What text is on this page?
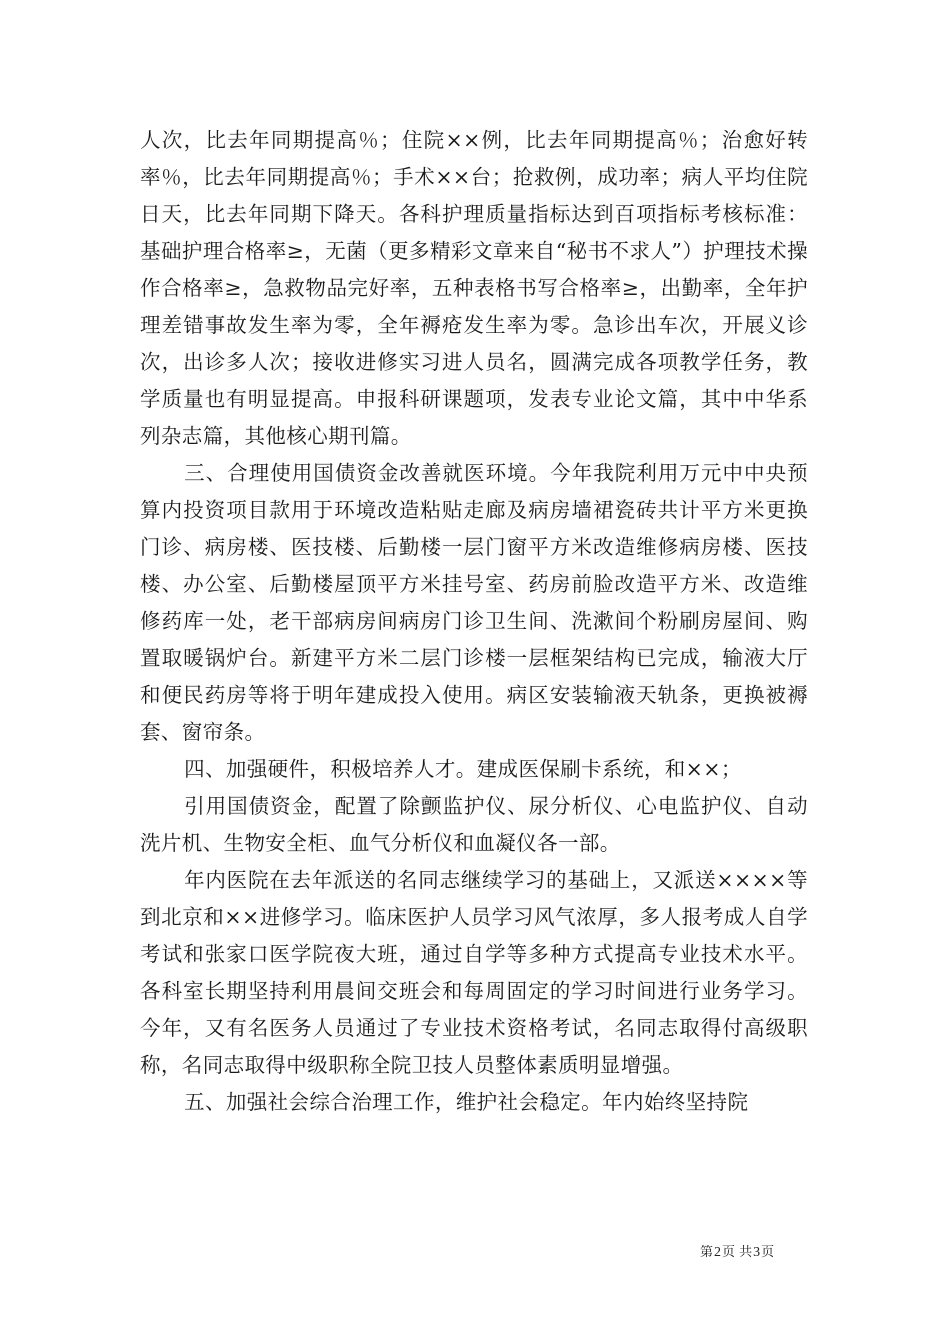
人次，比去年同期提高％；住院××例，比去年同期提高％；治愈好转率％，比去年同期提高％；手术××台；抢救例，成功率；病人平均住院日天，比去年同期下降天。各科护理质量指标达到百项指标考核标准：基础护理合格率≥，无菌（更多精彩文章来自“秘书不求人”）护理技术操作合格率≥，急救物品完好率，五种表格书写合格率≥，出勤率，全年护理差错事故发生率为零，全年褥疮发生率为零。急诊出车次，开展义诊次，出诊多人次；接收进修实习进人员名，圆满完成各项教学任务，教学质量也有明显提高。申报科研课题项，发表专业论文篇，其中中华系列杂志篇，其他核心期刊篇。

三、合理使用国债资金改善就医环境。今年我院利用万元中中央预算内投资项目款用于环境改造粘贴走廊及病房墙裙瓷砖共计平方米更换门诊、病房楼、医技楼、后勤楼一层门窗平方米改造维修病房楼、医技楼、办公室、后勤楼屋顶平方米挂号室、药房前脸改造平方米、改造维修药库一处，老干部病房间病房门诊卫生间、洗漱间个粉刷房屋间、购置取暖锅炉台。新建平方米二层门诊楼一层框架结构已完成，输液大厅和便民药房等将于明年建成投入使用。病区安装输液天轨条，更换被褥套、窗帘条。

四、加强硬件，积极培养人才。建成医保刷卡系统，和××；

引用国债资金，配置了除颤监护仪、尿分析仪、心电监护仪、自动洗片机、生物安全柜、血气分析仪和血凝仪各一部。

年内医院在去年派送的名同志继续学习的基础上，又派送××××等到北京和××进修学习。临床医护人员学习风气浓厚，多人报考成人自学考试和张家口医学院夜大班，通过自学等多种方式提高专业技术水平。各科室长期坚持利用晨间交班会和每周固定的学习时间进行业务学习。今年，又有名医务人员通过了专业技术资格考试，名同志取得付高级职称，名同志取得中级职称全院卫技人员整体素质明显增强。

五、加强社会综合治理工作，维护社会稳定。年内始终坚持院

第2页 共3页
